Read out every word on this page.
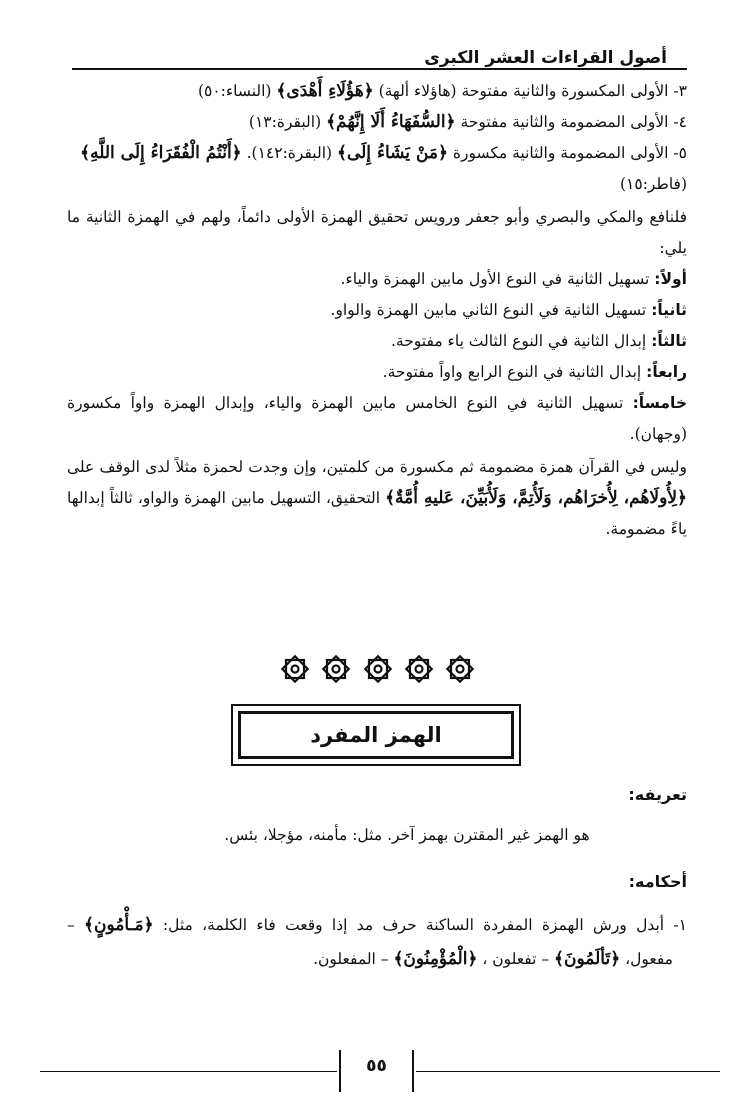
أصول القراءات العشر الكبرى

٣- الأولى المكسورة والثانية مفتوحة (هاؤلاء ألهة) ﴿هَؤُلَاءِ أَهْدَى﴾ (النساء:٥٠)

٤- الأولى المضمومة والثانية مفتوحة ﴿السُّفَهَاءُ أَلَا إِنَّهُمْ﴾ (البقرة:١٣)

٥- الأولى المضمومة والثانية مكسورة ﴿مَنْ يَشَاءُ إِلَى﴾ (البقرة:١٤٢). ﴿أَنْتُمُ الْفُقَرَاءُ إِلَى اللَّهِ﴾ (فاطر:١٥)

فلنافع والمكي والبصري وأبو جعفر ورويس تحقيق الهمزة الأولى دائماً، ولهم في الهمزة الثانية ما يلي:

أولاً: تسهيل الثانية في النوع الأول مابين الهمزة والياء.

ثانياً: تسهيل الثانية في النوع الثاني مابين الهمزة والواو.

ثالثاً: إبدال الثانية في النوع الثالث ياء مفتوحة.

رابعاً: إبدال الثانية في النوع الرابع واواً مفتوحة.

خامساً: تسهيل الثانية في النوع الخامس مابين الهمزة والياء، وإبدال الهمزة واواً مكسورة (وجهان).

وليس في القرآن همزة مضمومة ثم مكسورة من كلمتين، وإن وجدت لحمزة مثلاً لدى الوقف على ﴿لِأُولَاهُم، لِأُخرَاهُم، وَلَأُتِمَّ، وَلَأُبَيِّنَ، عَليهِ أُمَّةٌ﴾ التحقيق، التسهيل مابين الهمزة والواو، ثالثاً إبدالها ياءً مضمومة.

الهمز المفرد
تعريفه:
هو الهمز غير المقترن بهمز آخر. مثل: مأمنه، مؤجلا، بئس.
أحكامه:

١- أبدل ورش الهمزة المفردة الساكنة حرف مد إذا وقعت فاء الكلمة، مثل: ﴿مَـأْمُونٍ﴾ –

مفعول، ﴿تَألَمُونَ﴾ – تفعلون ، ﴿الْمُؤْمِنُونَ﴾ – المفعلون.

٥٥
